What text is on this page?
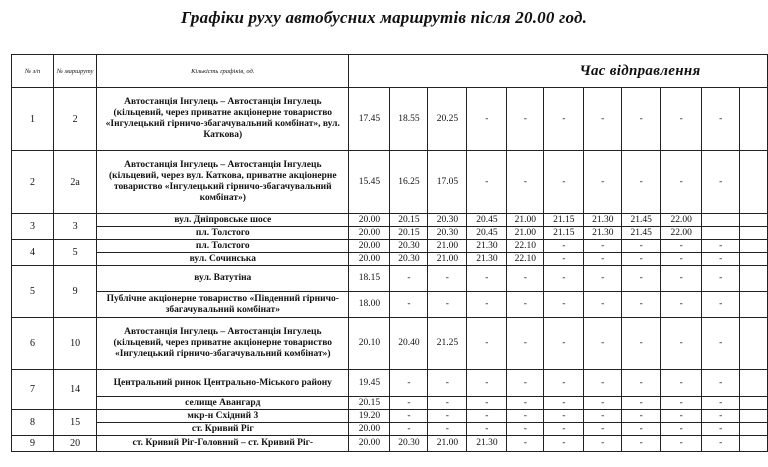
Графіки руху автобусних маршрутів після 20.00 год.
№ з/п	№ маршруту	Кількість графіків, од.	Час відправлення										
1	2	Автостанція Інгулець – Автостанція Інгулець (кільцевий, через приватне акціонерне товариство «Інгулецький гірничо-збагачувальний комбінат», вул. Каткова)	17.45	18.55	20.25	-	-	-	-	-	-	-	
2	2а	Автостанція Інгулець – Автостанція Інгулець (кільцевий, через вул. Каткова, приватне акціонерне товариство «Інгулецький гірничо-збагачувальний комбінат»)	15.45	16.25	17.05	-	-	-	-	-	-	-	
3	3	вул. Дніпровське шосе	20.00	20.15	20.30	20.45	21.00	21.15	21.30	21.45	22.00		
		пл. Толстого	20.00	20.15	20.30	20.45	21.00	21.15	21.30	21.45	22.00		
4	5	пл. Толстого	20.00	20.30	21.00	21.30	22.10	-	-	-	-	-	
		вул. Сочинська	20.00	20.30	21.00	21.30	22.10	-	-	-	-	-	
5	9	вул. Ватутіна	18.15	-	-	-	-	-	-	-	-	-	
		Публічне акціонерне товариство «Південний гірничо-збагачувальний комбінат»	18.00	-	-	-	-	-	-	-	-	-	
6	10	Автостанція Інгулець – Автостанція Інгулець (кільцевий, через приватне акціонерне товариство «Інгулецький гірничо-збагачувальний комбінат»)	20.10	20.40	21.25	-	-	-	-	-	-	-	
7	14	Центральний ринок Центрально-Міського району	19.45	-	-	-	-	-	-	-	-	-	
		селище Авангард	20.15	-	-	-	-	-	-	-	-	-	
8	15	мкр-н Східний 3	19.20	-	-	-	-	-	-	-	-	-	
		ст. Кривий Ріг	20.00	-	-	-	-	-	-	-	-	-	
9	20	ст. Кривий Ріг-Головний – ст. Кривий Ріг-	20.00	20.30	21.00	21.30	-	-	-	-	-	-	
